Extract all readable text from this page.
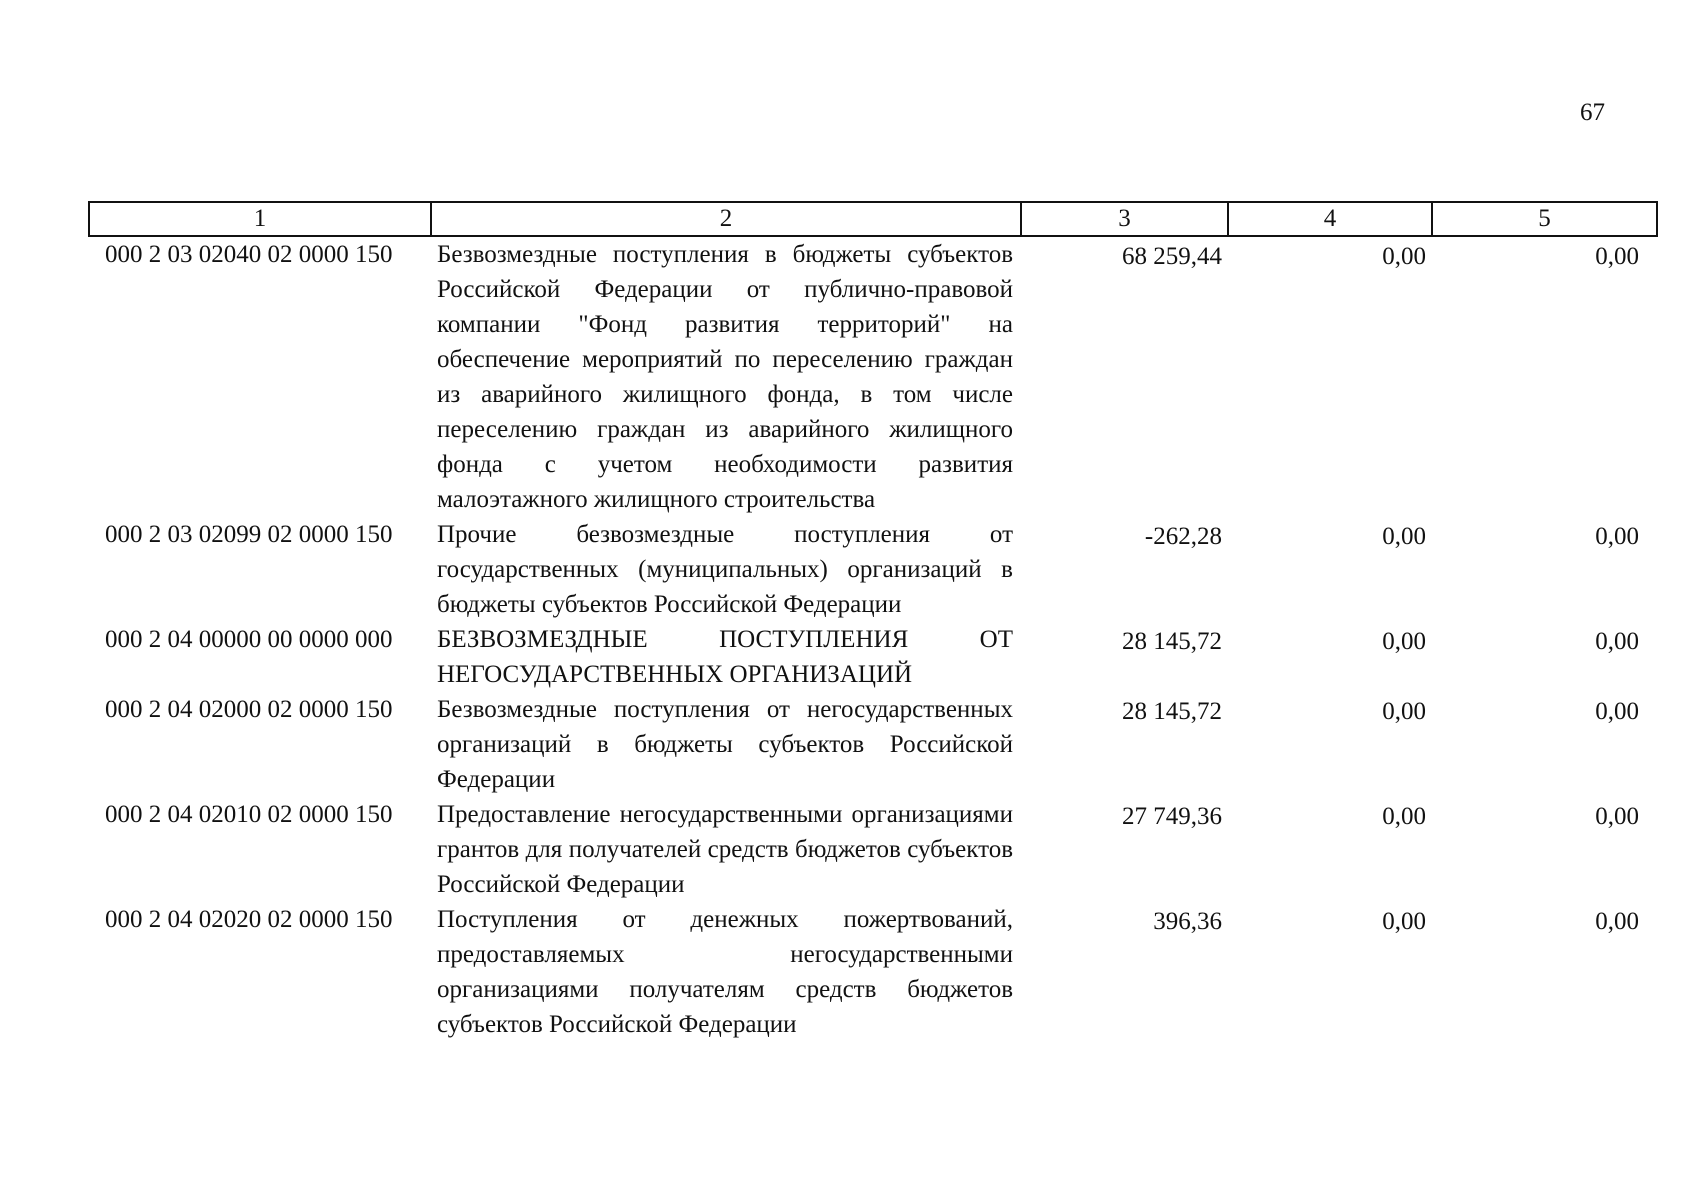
67
1	2	3	4	5
000 2 03 02040 02 0000 150	Безвозмездные поступления в бюджеты субъектов Российской Федерации от публично-правовой компании "Фонд развития территорий" на обеспечение мероприятий по переселению граждан из аварийного жилищного фонда, в том числе переселению граждан из аварийного жилищного фонда с учетом необходимости развития малоэтажного жилищного строительства	68 259,44	0,00	0,00
000 2 03 02099 02 0000 150	Прочие безвозмездные поступления от государственных (муниципальных) организаций в бюджеты субъектов Российской Федерации	-262,28	0,00	0,00
000 2 04 00000 00 0000 000	БЕЗВОЗМЕЗДНЫЕ ПОСТУПЛЕНИЯ ОТ НЕГОСУДАРСТВЕННЫХ ОРГАНИЗАЦИЙ	28 145,72	0,00	0,00
000 2 04 02000 02 0000 150	Безвозмездные поступления от негосударственных организаций в бюджеты субъектов Российской Федерации	28 145,72	0,00	0,00
000 2 04 02010 02 0000 150	Предоставление негосударственными организациями грантов для получателей средств бюджетов субъектов Российской Федерации	27 749,36	0,00	0,00
000 2 04 02020 02 0000 150	Поступления от денежных пожертвований, предоставляемых негосударственными организациями получателям средств бюджетов субъектов Российской Федерации	396,36	0,00	0,00
